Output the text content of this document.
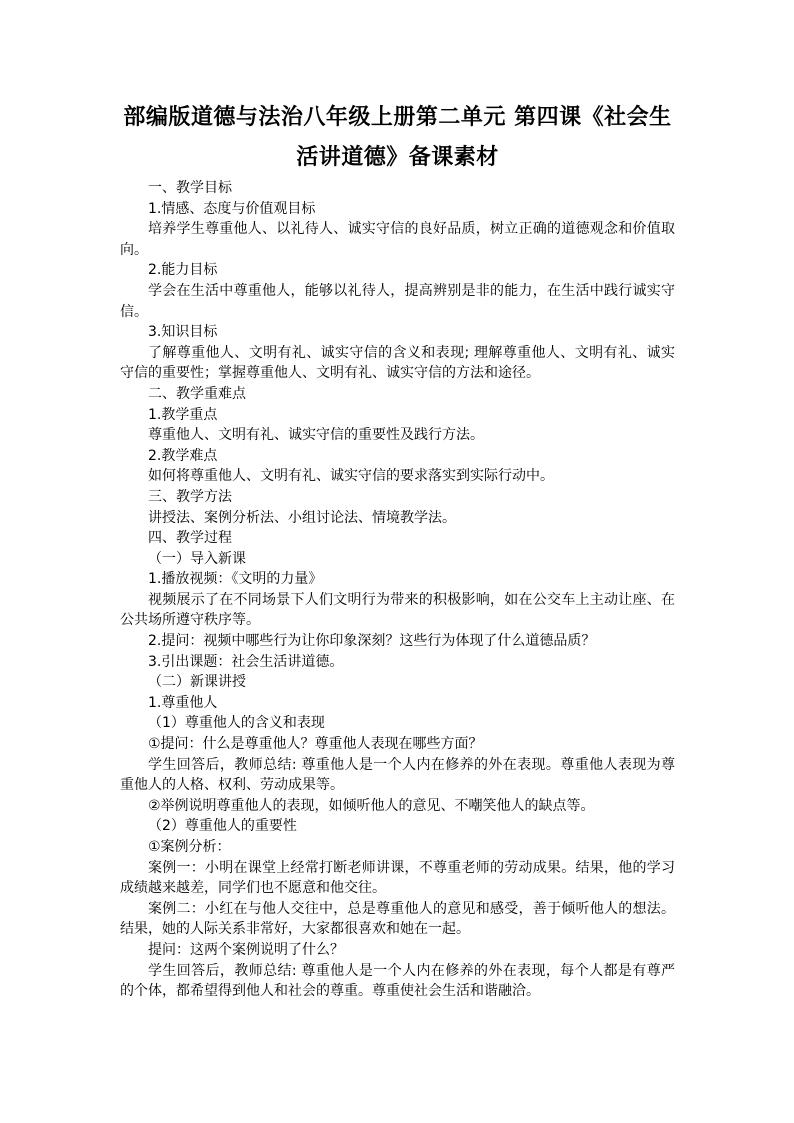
部编版道德与法治八年级上册第二单元 第四课《社会生活讲道德》备课素材

一、教学目标

1.情感、态度与价值观目标

培养学生尊重他人、以礼待人、诚实守信的良好品质，树立正确的道德观念和价值取向。

2.能力目标

学会在生活中尊重他人，能够以礼待人，提高辨别是非的能力，在生活中践行诚实守信。

3.知识目标

了解尊重他人、文明有礼、诚实守信的含义和表现; 理解尊重他人、文明有礼、诚实守信的重要性；掌握尊重他人、文明有礼、诚实守信的方法和途径。

二、教学重难点

1.教学重点

尊重他人、文明有礼、诚实守信的重要性及践行方法。

2.教学难点

如何将尊重他人、文明有礼、诚实守信的要求落实到实际行动中。

三、教学方法

讲授法、案例分析法、小组讨论法、情境教学法。

四、教学过程

（一）导入新课

1.播放视频：《文明的力量》

视频展示了在不同场景下人们文明行为带来的积极影响，如在公交车上主动让座、在公共场所遵守秩序等。

2.提问：视频中哪些行为让你印象深刻？这些行为体现了什么道德品质？

3.引出课题：社会生活讲道德。

（二）新课讲授

1.尊重他人

（1）尊重他人的含义和表现

①提问：什么是尊重他人？尊重他人表现在哪些方面？

学生回答后，教师总结: 尊重他人是一个人内在修养的外在表现。尊重他人表现为尊重他人的人格、权利、劳动成果等。

②举例说明尊重他人的表现，如倾听他人的意见、不嘲笑他人的缺点等。

（2）尊重他人的重要性

①案例分析：

案例一：小明在课堂上经常打断老师讲课，不尊重老师的劳动成果。结果，他的学习成绩越来越差，同学们也不愿意和他交往。

案例二：小红在与他人交往中，总是尊重他人的意见和感受，善于倾听他人的想法。结果，她的人际关系非常好，大家都很喜欢和她在一起。

提问：这两个案例说明了什么？

学生回答后，教师总结: 尊重他人是一个人内在修养的外在表现，每个人都是有尊严的个体，都希望得到他人和社会的尊重。尊重使社会生活和谐融洽。
